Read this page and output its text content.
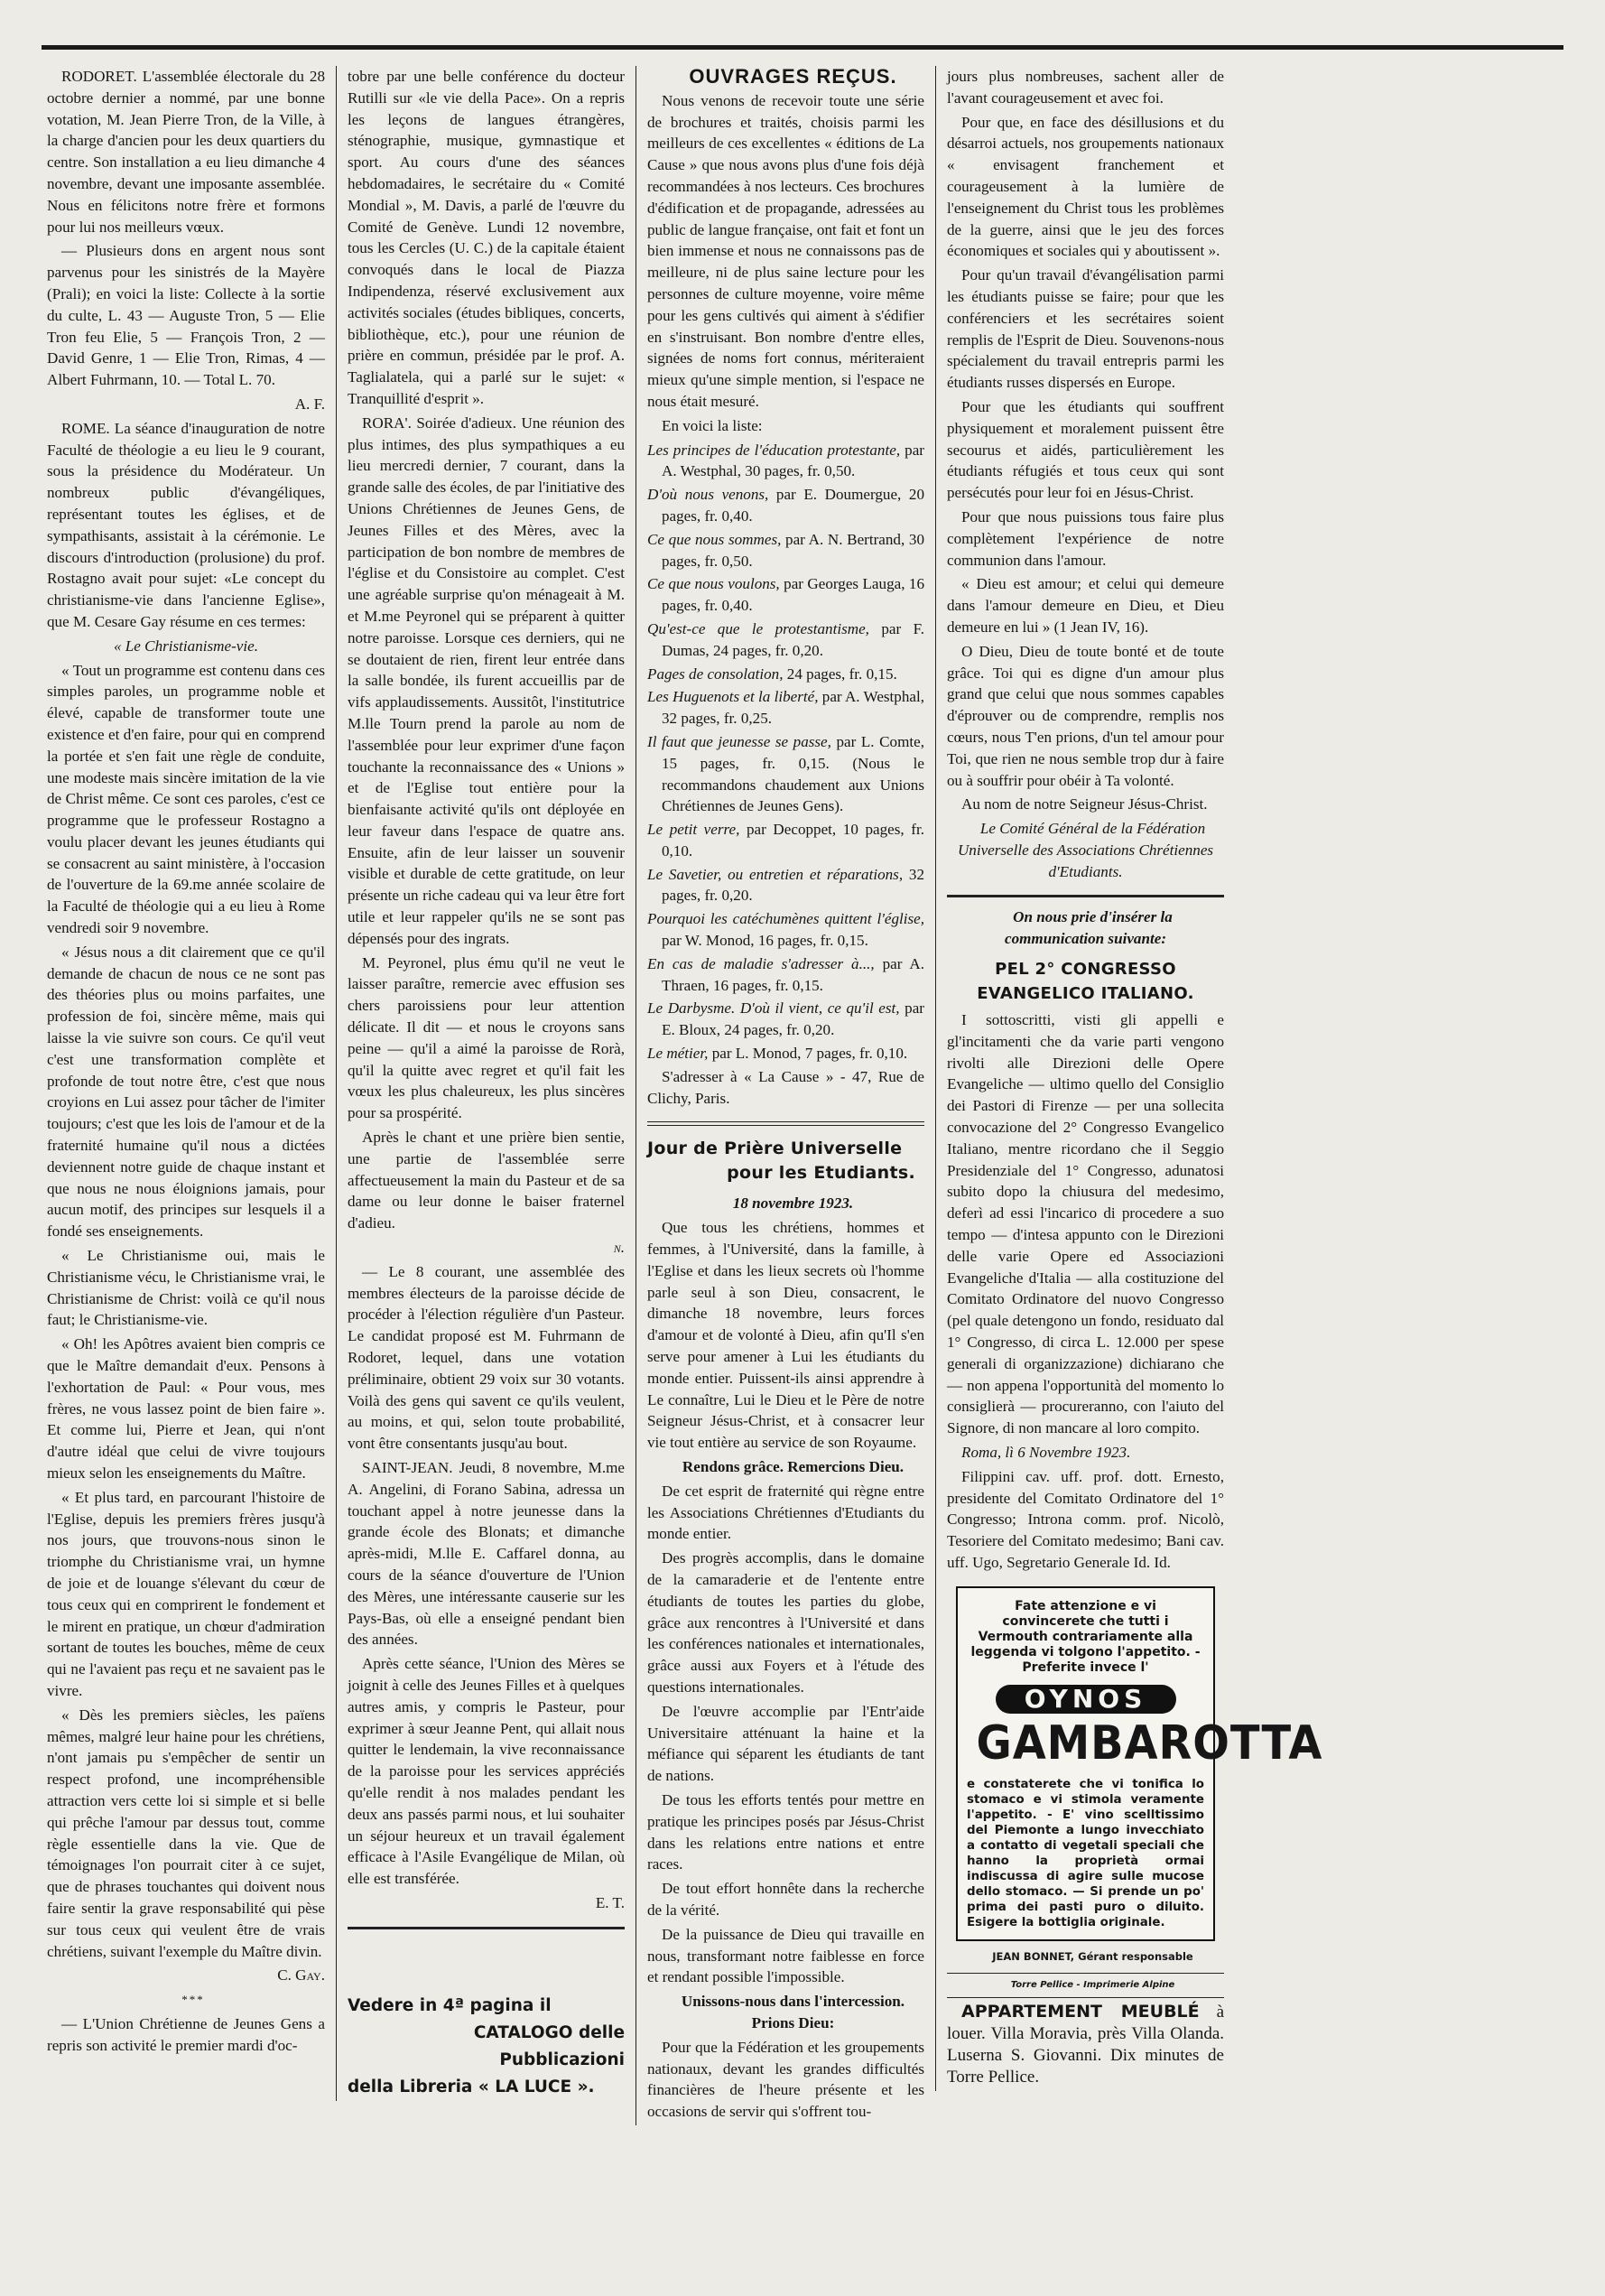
RODORET. L'assemblée électorale du 28 octobre dernier a nommé, par une bonne votation, M. Jean Pierre Tron, de la Ville, à la charge d'ancien pour les deux quartiers du centre. Son installation a eu lieu dimanche 4 novembre, devant une imposante assemblée. Nous en félicitons notre frère et formons pour lui nos meilleurs vœux.

— Plusieurs dons en argent nous sont parvenus pour les sinistrés de la Mayère (Prali); en voici la liste: Collecte à la sortie du culte, L. 43 — Auguste Tron, 5 — Elie Tron feu Elie, 5 — François Tron, 2 — David Genre, 1 — Elie Tron, Rimas, 4 — Albert Fuhrmann, 10. — Total L. 70.

A. F.

ROME. La séance d'inauguration de notre Faculté de théologie a eu lieu le 9 courant, sous la présidence du Modérateur. Un nombreux public d'évangéliques, représentant toutes les églises, et de sympathisants, assistait à la cérémonie. Le discours d'introduction (prolusione) du prof. Rostagno avait pour sujet: «Le concept du christianisme-vie dans l'ancienne Eglise», que M. Cesare Gay résume en ces termes:

« Le Christianisme-vie.

« Tout un programme est contenu dans ces simples paroles, un programme noble et élevé, capable de transformer toute une existence et d'en faire, pour qui en comprend la portée et s'en fait une règle de conduite, une modeste mais sincère imitation de la vie de Christ même. Ce sont ces paroles, c'est ce programme que le professeur Rostagno a voulu placer devant les jeunes étudiants qui se consacrent au saint ministère, à l'occasion de l'ouverture de la 69.me année scolaire de la Faculté de théologie qui a eu lieu à Rome vendredi soir 9 novembre.

« Jésus nous a dit clairement que ce qu'il demande de chacun de nous ce ne sont pas des théories plus ou moins parfaites, une profession de foi, sincère même, mais qui laisse la vie suivre son cours. Ce qu'il veut c'est une transformation complète et profonde de tout notre être, c'est que nous croyions en Lui assez pour tâcher de l'imiter toujours; c'est que les lois de l'amour et de la fraternité humaine qu'il nous a dictées deviennent notre guide de chaque instant et que nous ne nous éloignions jamais, pour aucun motif, des principes sur lesquels il a fondé ses enseignements.

« Le Christianisme oui, mais le Christianisme vécu, le Christianisme vrai, le Christianisme de Christ: voilà ce qu'il nous faut; le Christianisme-vie.

« Oh! les Apôtres avaient bien compris ce que le Maître demandait d'eux. Pensons à l'exhortation de Paul: « Pour vous, mes frères, ne vous lassez point de bien faire ». Et comme lui, Pierre et Jean, qui n'ont d'autre idéal que celui de vivre toujours mieux selon les enseignements du Maître.

« Et plus tard, en parcourant l'histoire de l'Eglise, depuis les premiers frères jusqu'à nos jours, que trouvons-nous sinon le triomphe du Christianisme vrai, un hymne de joie et de louange s'élevant du cœur de tous ceux qui en comprirent le fondement et le mirent en pratique, un chœur d'admiration sortant de toutes les bouches, même de ceux qui ne l'avaient pas reçu et ne savaient pas le vivre.

« Dès les premiers siècles, les païens mêmes, malgré leur haine pour les chrétiens, n'ont jamais pu s'empêcher de sentir un respect profond, une incompréhensible attraction vers cette loi si simple et si belle qui prêche l'amour par dessus tout, comme règle essentielle dans la vie. Que de témoignages l'on pourrait citer à ce sujet, que de phrases touchantes qui doivent nous faire sentir la grave responsabilité qui pèse sur tous ceux qui veulent être de vrais chrétiens, suivant l'exemple du Maître divin.

C. Gay.

***

— L'Union Chrétienne de Jeunes Gens a repris son activité le premier mardi d'oc-

tobre par une belle conférence du docteur Rutilli sur «le vie della Pace». On a repris les leçons de langues étrangères, sténographie, musique, gymnastique et sport. Au cours d'une des séances hebdomadaires, le secrétaire du « Comité Mondial », M. Davis, a parlé de l'œuvre du Comité de Genève. Lundi 12 novembre, tous les Cercles (U. C.) de la capitale étaient convoqués dans le local de Piazza Indipendenza, réservé exclusivement aux activités sociales (études bibliques, concerts, bibliothèque, etc.), pour une réunion de prière en commun, présidée par le prof. A. Taglialatela, qui a parlé sur le sujet: « Tranquillité d'esprit ».

RORA'. Soirée d'adieux. Une réunion des plus intimes, des plus sympathiques a eu lieu mercredi dernier, 7 courant, dans la grande salle des écoles, de par l'initiative des Unions Chrétiennes de Jeunes Gens, de Jeunes Filles et des Mères, avec la participation de bon nombre de membres de l'église et du Consistoire au complet. C'est une agréable surprise qu'on ménageait à M. et M.me Peyronel qui se préparent à quitter notre paroisse. Lorsque ces derniers, qui ne se doutaient de rien, firent leur entrée dans la salle bondée, ils furent accueillis par de vifs applaudissements. Aussitôt, l'institutrice M.lle Tourn prend la parole au nom de l'assemblée pour leur exprimer d'une façon touchante la reconnaissance des « Unions » et de l'Eglise tout entière pour la bienfaisante activité qu'ils ont déployée en leur faveur dans l'espace de quatre ans. Ensuite, afin de leur laisser un souvenir visible et durable de cette gratitude, on leur présente un riche cadeau qui va leur être fort utile et leur rappeler qu'ils ne se sont pas dépensés pour des ingrats.

M. Peyronel, plus ému qu'il ne veut le laisser paraître, remercie avec effusion ses chers paroissiens pour leur attention délicate. Il dit — et nous le croyons sans peine — qu'il a aimé la paroisse de Rorà, qu'il la quitte avec regret et qu'il fait les vœux les plus chaleureux, les plus sincères pour sa prospérité.

Après le chant et une prière bien sentie, une partie de l'assemblée serre affectueusement la main du Pasteur et de sa dame ou leur donne le baiser fraternel d'adieu.

n.

— Le 8 courant, une assemblée des membres électeurs de la paroisse décide de procéder à l'élection régulière d'un Pasteur. Le candidat proposé est M. Fuhrmann de Rodoret, lequel, dans une votation préliminaire, obtient 29 voix sur 30 votants. Voilà des gens qui savent ce qu'ils veulent, au moins, et qui, selon toute probabilité, vont être consentants jusqu'au bout.

SAINT-JEAN. Jeudi, 8 novembre, M.me A. Angelini, di Forano Sabina, adressa un touchant appel à notre jeunesse dans la grande école des Blonats; et dimanche après-midi, M.lle E. Caffarel donna, au cours de la séance d'ouverture de l'Union des Mères, une intéressante causerie sur les Pays-Bas, où elle a enseigné pendant bien des années.

Après cette séance, l'Union des Mères se joignit à celle des Jeunes Filles et à quelques autres amis, y compris le Pasteur, pour exprimer à sœur Jeanne Pent, qui allait nous quitter le lendemain, la vive reconnaissance de la paroisse pour les services appréciés qu'elle rendit à nos malades pendant les deux ans passés parmi nous, et lui souhaiter un séjour heureux et un travail également efficace à l'Asile Evangélique de Milan, où elle est transférée.

E. T.

Vedere in 4ª pagina il
CATALOGO delle Pubblicazioni
della Libreria « LA LUCE ».

OUVRAGES REÇUS.

Nous venons de recevoir toute une série de brochures et traités, choisis parmi les meilleurs de ces excellentes « éditions de La Cause » que nous avons plus d'une fois déjà recommandées à nos lecteurs. Ces brochures d'édification et de propagande, adressées au public de langue française, ont fait et font un bien immense et nous ne connaissons pas de meilleure, ni de plus saine lecture pour les personnes de culture moyenne, voire même pour les gens cultivés qui aiment à s'édifier en s'instruisant. Bon nombre d'entre elles, signées de noms fort connus, mériteraient mieux qu'une simple mention, si l'espace ne nous était mesuré.

En voici la liste:

Les principes de l'éducation protestante, par A. Westphal, 30 pages, fr. 0,50.

D'où nous venons, par E. Doumergue, 20 pages, fr. 0,40.

Ce que nous sommes, par A. N. Bertrand, 30 pages, fr. 0,50.

Ce que nous voulons, par Georges Lauga, 16 pages, fr. 0,40.

Qu'est-ce que le protestantisme, par F. Dumas, 24 pages, fr. 0,20.

Pages de consolation, 24 pages, fr. 0,15.

Les Huguenots et la liberté, par A. Westphal, 32 pages, fr. 0,25.

Il faut que jeunesse se passe, par L. Comte, 15 pages, fr. 0,15. (Nous le recommandons chaudement aux Unions Chrétiennes de Jeunes Gens).

Le petit verre, par Decoppet, 10 pages, fr. 0,10.

Le Savetier, ou entretien et réparations, 32 pages, fr. 0,20.

Pourquoi les catéchumènes quittent l'église, par W. Monod, 16 pages, fr. 0,15.

En cas de maladie s'adresser à..., par A. Thraen, 16 pages, fr. 0,15.

Le Darbysme. D'où il vient, ce qu'il est, par E. Bloux, 24 pages, fr. 0,20.

Le métier, par L. Monod, 7 pages, fr. 0,10.

S'adresser à « La Cause » - 47, Rue de Clichy, Paris.

Jour de Prière Universelle
pour les Etudiants.

18 novembre 1923.

Que tous les chrétiens, hommes et femmes, à l'Université, dans la famille, à l'Eglise et dans les lieux secrets où l'homme parle seul à son Dieu, consacrent, le dimanche 18 novembre, leurs forces d'amour et de volonté à Dieu, afin qu'Il s'en serve pour amener à Lui les étudiants du monde entier. Puissent-ils ainsi apprendre à Le connaître, Lui le Dieu et le Père de notre Seigneur Jésus-Christ, et à consacrer leur vie tout entière au service de son Royaume.

Rendons grâce. Remercions Dieu.

De cet esprit de fraternité qui règne entre les Associations Chrétiennes d'Etudiants du monde entier.

Des progrès accomplis, dans le domaine de la camaraderie et de l'entente entre étudiants de toutes les parties du globe, grâce aux rencontres à l'Université et dans les conférences nationales et internationales, grâce aussi aux Foyers et à l'étude des questions internationales.

De l'œuvre accomplie par l'Entr'aide Universitaire atténuant la haine et la méfiance qui séparent les étudiants de tant de nations.

De tous les efforts tentés pour mettre en pratique les principes posés par Jésus-Christ dans les relations entre nations et entre races.

De tout effort honnête dans la recherche de la vérité.

De la puissance de Dieu qui travaille en nous, transformant notre faiblesse en force et rendant possible l'impossible.

Unissons-nous dans l'intercession.

Prions Dieu:

Pour que la Fédération et les groupements nationaux, devant les grandes difficultés financières de l'heure présente et les occasions de servir qui s'offrent tou-

jours plus nombreuses, sachent aller de l'avant courageusement et avec foi.

Pour que, en face des désillusions et du désarroi actuels, nos groupements nationaux « envisagent franchement et courageusement à la lumière de l'enseignement du Christ tous les problèmes de la guerre, ainsi que le jeu des forces économiques et sociales qui y aboutissent ».

Pour qu'un travail d'évangélisation parmi les étudiants puisse se faire; pour que les conférenciers et les secrétaires soient remplis de l'Esprit de Dieu. Souvenons-nous spécialement du travail entrepris parmi les étudiants russes dispersés en Europe.

Pour que les étudiants qui souffrent physiquement et moralement puissent être secourus et aidés, particulièrement les étudiants réfugiés et tous ceux qui sont persécutés pour leur foi en Jésus-Christ.

Pour que nous puissions tous faire plus complètement l'expérience de notre communion dans l'amour.

« Dieu est amour; et celui qui demeure dans l'amour demeure en Dieu, et Dieu demeure en lui » (1 Jean IV, 16).

O Dieu, Dieu de toute bonté et de toute grâce. Toi qui es digne d'un amour plus grand que celui que nous sommes capables d'éprouver ou de comprendre, remplis nos cœurs, nous T'en prions, d'un tel amour pour Toi, que rien ne nous semble trop dur à faire ou à souffrir pour obéir à Ta volonté.

Au nom de notre Seigneur Jésus-Christ.

Le Comité Général de la Fédération Universelle des Associations Chrétiennes d'Etudiants.

On nous prie d'insérer la communication suivante:

PEL 2° CONGRESSO EVANGELICO ITALIANO.

I sottoscritti, visti gli appelli e gl'incitamenti che da varie parti vengono rivolti alle Direzioni delle Opere Evangeliche — ultimo quello del Consiglio dei Pastori di Firenze — per una sollecita convocazione del 2° Congresso Evangelico Italiano, mentre ricordano che il Seggio Presidenziale del 1° Congresso, adunatosi subito dopo la chiusura del medesimo, deferì ad essi l'incarico di procedere a suo tempo — d'intesa appunto con le Direzioni delle varie Opere ed Associazioni Evangeliche d'Italia — alla costituzione del Comitato Ordinatore del nuovo Congresso (pel quale detengono un fondo, residuato dal 1° Congresso, di circa L. 12.000 per spese generali di organizzazione) dichiarano che — non appena l'opportunità del momento lo consiglierà — procureranno, con l'aiuto del Signore, di non mancare al loro compito.

Roma, lì 6 Novembre 1923.

Filippini cav. uff. prof. dott. Ernesto, presidente del Comitato Ordinatore del 1° Congresso; Introna comm. prof. Nicolò, Tesoriere del Comitato medesimo; Bani cav. uff. Ugo, Segretario Generale Id. Id.

Fate attenzione e vi convincerete che tutti i Vermouth contrariamente alla leggenda vi tolgono l'appetito. - Preferite invece l'
OYNOS
GAMBAROTTA
e constaterete che vi tonifica lo stomaco e vi stimola veramente l'appetito. - E' vino scelltissimo del Piemonte a lungo invecchiato a contatto di vegetali speciali che hanno la proprietà ormai indiscussa di agire sulle mucose dello stomaco. — Si prende un po' prima dei pasti puro o diluito. Esigere la bottiglia originale.

JEAN BONNET, Gérant responsable

Torre Pellice - Imprimerie Alpine

APPARTEMENT MEUBLÉ à louer. Villa Moravia, près Villa Olanda. Luserna S. Giovanni. Dix minutes de Torre Pellice.
